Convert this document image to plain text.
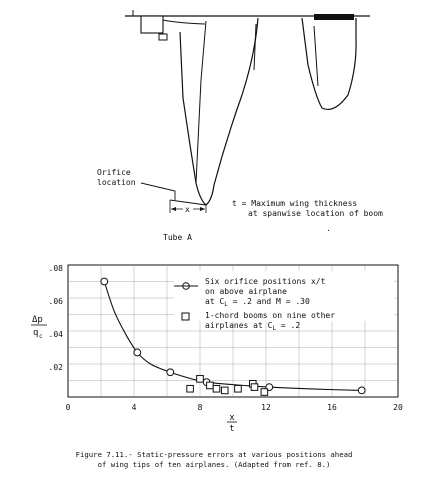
Orifice
location
x
t = Maximum wing thickness
at spanwise location of boom
Tube A
·
.02
.04
.06
.08
0	4	8	12	16	20
Δp
q c
x
t
Six orifice positions x/t
on above airplane
at $C_L = .2$ and M = .30
1-chord booms on nine other
airplanes at $C_L = .2$
Figure 7.11.- Static-pressure errors at various positions ahead
of wing tips of ten airplanes. (Adapted from ref. 8.)
